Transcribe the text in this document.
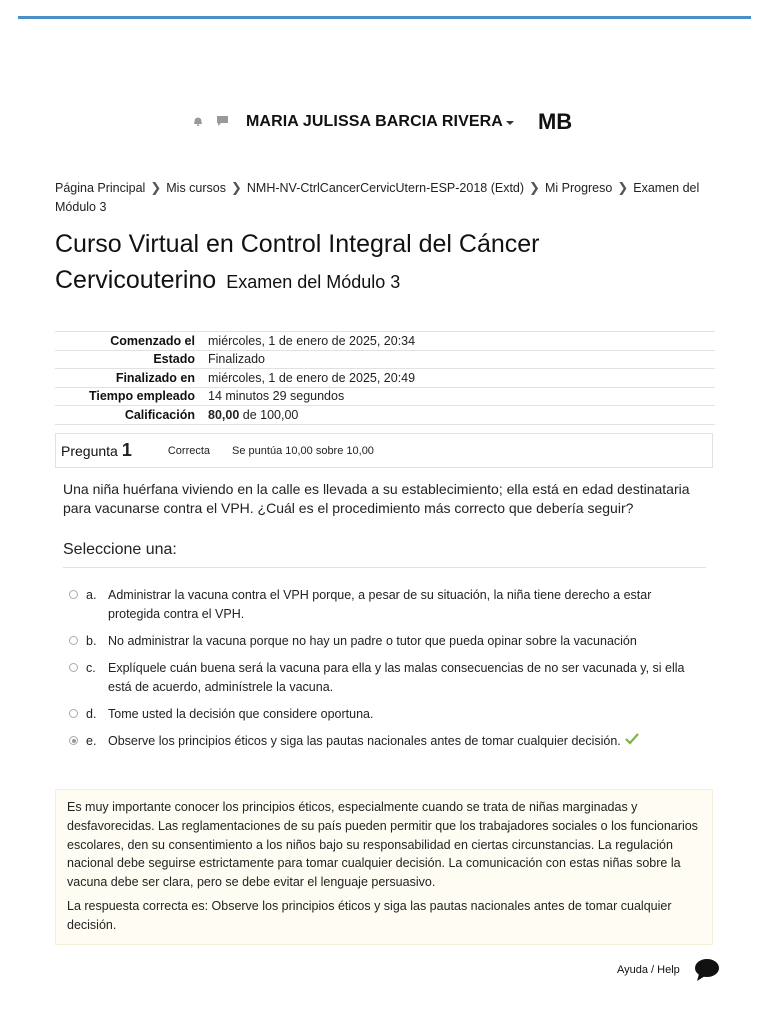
MARIA JULISSA BARCIA RIVERA MB
Página Principal ❯ Mis cursos ❯ NMH-NV-CtrlCancerCervicUtern-ESP-2018 (Extd) ❯ Mi Progreso ❯ Examen del Módulo 3
Curso Virtual en Control Integral del Cáncer Cervicouterino Examen del Módulo 3
Comenzado el	miércoles, 1 de enero de 2025, 20:34
Estado	Finalizado
Finalizado en	miércoles, 1 de enero de 2025, 20:49
Tiempo empleado	14 minutos 29 segundos
Calificación	80,00 de 100,00
Pregunta 1	Correcta Se puntúa 10,00 sobre 10,00
Una niña huérfana viviendo en la calle es llevada a su establecimiento; ella está en edad destinataria para vacunarse contra el VPH. ¿Cuál es el procedimiento más correcto que debería seguir?
Seleccione una:
a. Administrar la vacuna contra el VPH porque, a pesar de su situación, la niña tiene derecho a estar protegida contra el VPH.
b. No administrar la vacuna porque no hay un padre o tutor que pueda opinar sobre la vacunación
c. Explíquele cuán buena será la vacuna para ella y las malas consecuencias de no ser vacunada y, si ella está de acuerdo, adminístrele la vacuna.
d. Tome usted la decisión que considere oportuna.
e. Observe los principios éticos y siga las pautas nacionales antes de tomar cualquier decisión.

Es muy importante conocer los principios éticos, especialmente cuando se trata de niñas marginadas y desfavorecidas. Las reglamentaciones de su país pueden permitir que los trabajadores sociales o los funcionarios escolares, den su consentimiento a los niños bajo su responsabilidad en ciertas circunstancias. La regulación nacional debe seguirse estrictamente para tomar cualquier decisión. La comunicación con estas niñas sobre la vacuna debe ser clara, pero se debe evitar el lenguaje persuasivo.

La respuesta correcta es: Observe los principios éticos y siga las pautas nacionales antes de tomar cualquier decisión.

Ayuda / Help
